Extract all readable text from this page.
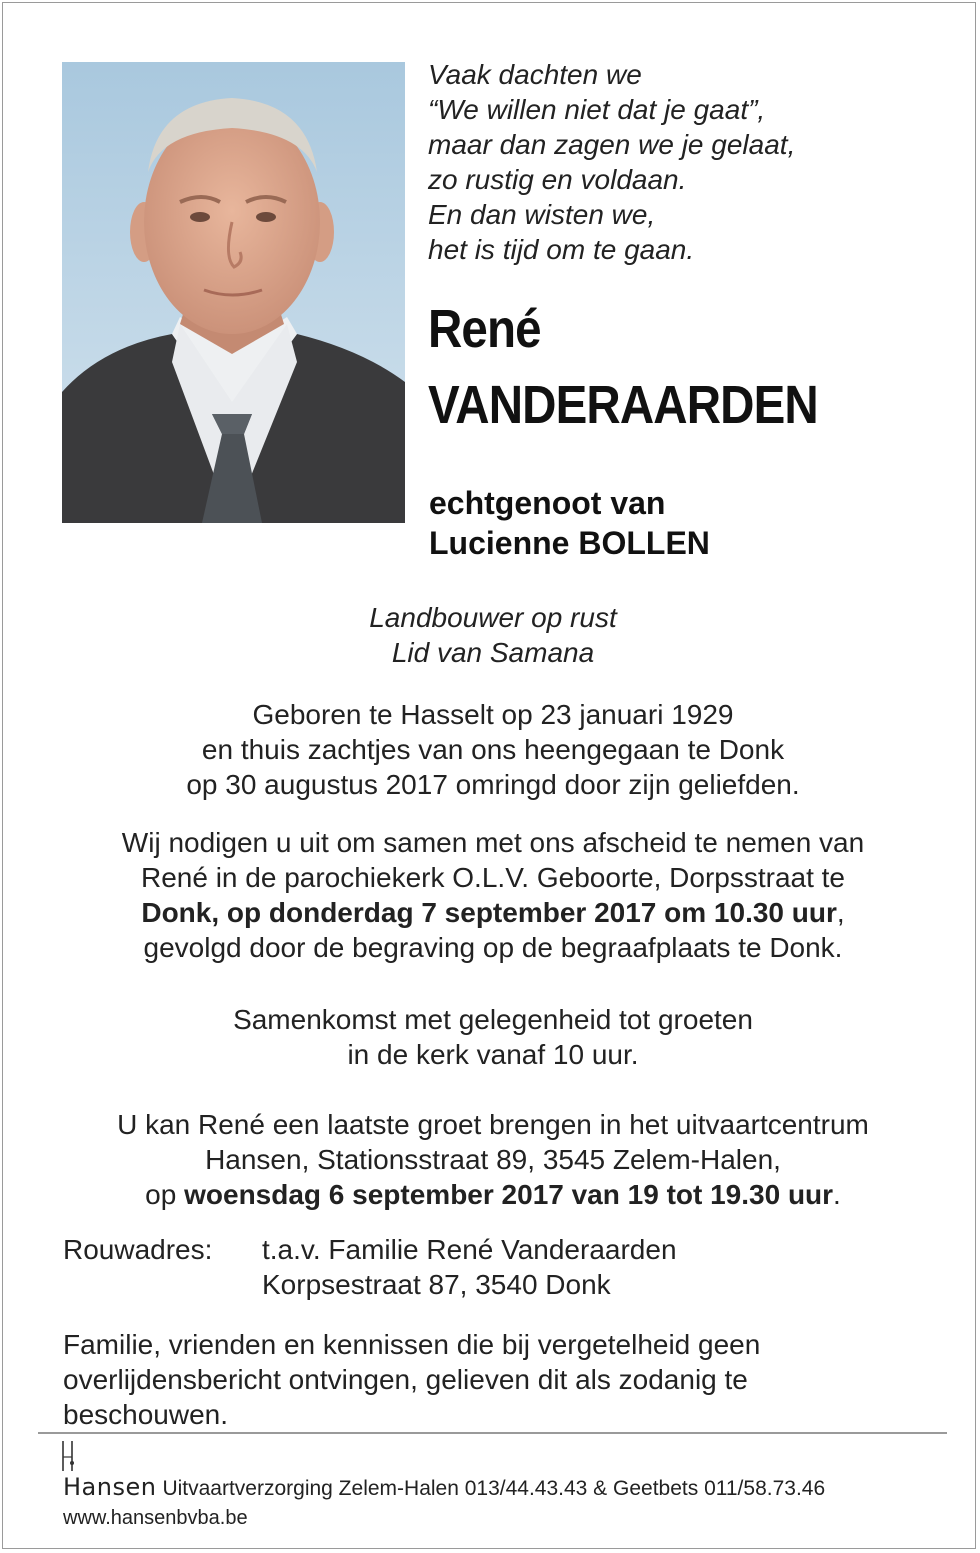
Vaak dachten we
“We willen niet dat je gaat”,
maar dan zagen we je gelaat,
zo rustig en voldaan.
En dan wisten we,
het is tijd om te gaan.
René
VANDERAARDEN
echtgenoot van
Lucienne BOLLEN
Landbouwer op rust
Lid van Samana
Geboren te Hasselt op 23 januari 1929
en thuis zachtjes van ons heengegaan te Donk
op 30 augustus 2017 omringd door zijn geliefden.
Wij nodigen u uit om samen met ons afscheid te nemen van
René in de parochiekerk O.L.V. Geboorte, Dorpsstraat te
Donk, op donderdag 7 september 2017 om 10.30 uur,
gevolgd door de begraving op de begraafplaats te Donk.
Samenkomst met gelegenheid tot groeten
in de kerk vanaf 10 uur.
U kan René een laatste groet brengen in het uitvaartcentrum
Hansen, Stationsstraat 89, 3545 Zelem-Halen,
op woensdag 6 september 2017 van 19 tot 19.30 uur.
Rouwadres: t.a.v. Familie René Vanderaarden
Korpsestraat 87, 3540 Donk
Familie, vrienden en kennissen die bij vergetelheid geen
overlijdensbericht ontvingen, gelieven dit als zodanig te
beschouwen.
Hansen Uitvaartverzorging Zelem-Halen 013/44.43.43 & Geetbets 011/58.73.46
www.hansenbvba.be
